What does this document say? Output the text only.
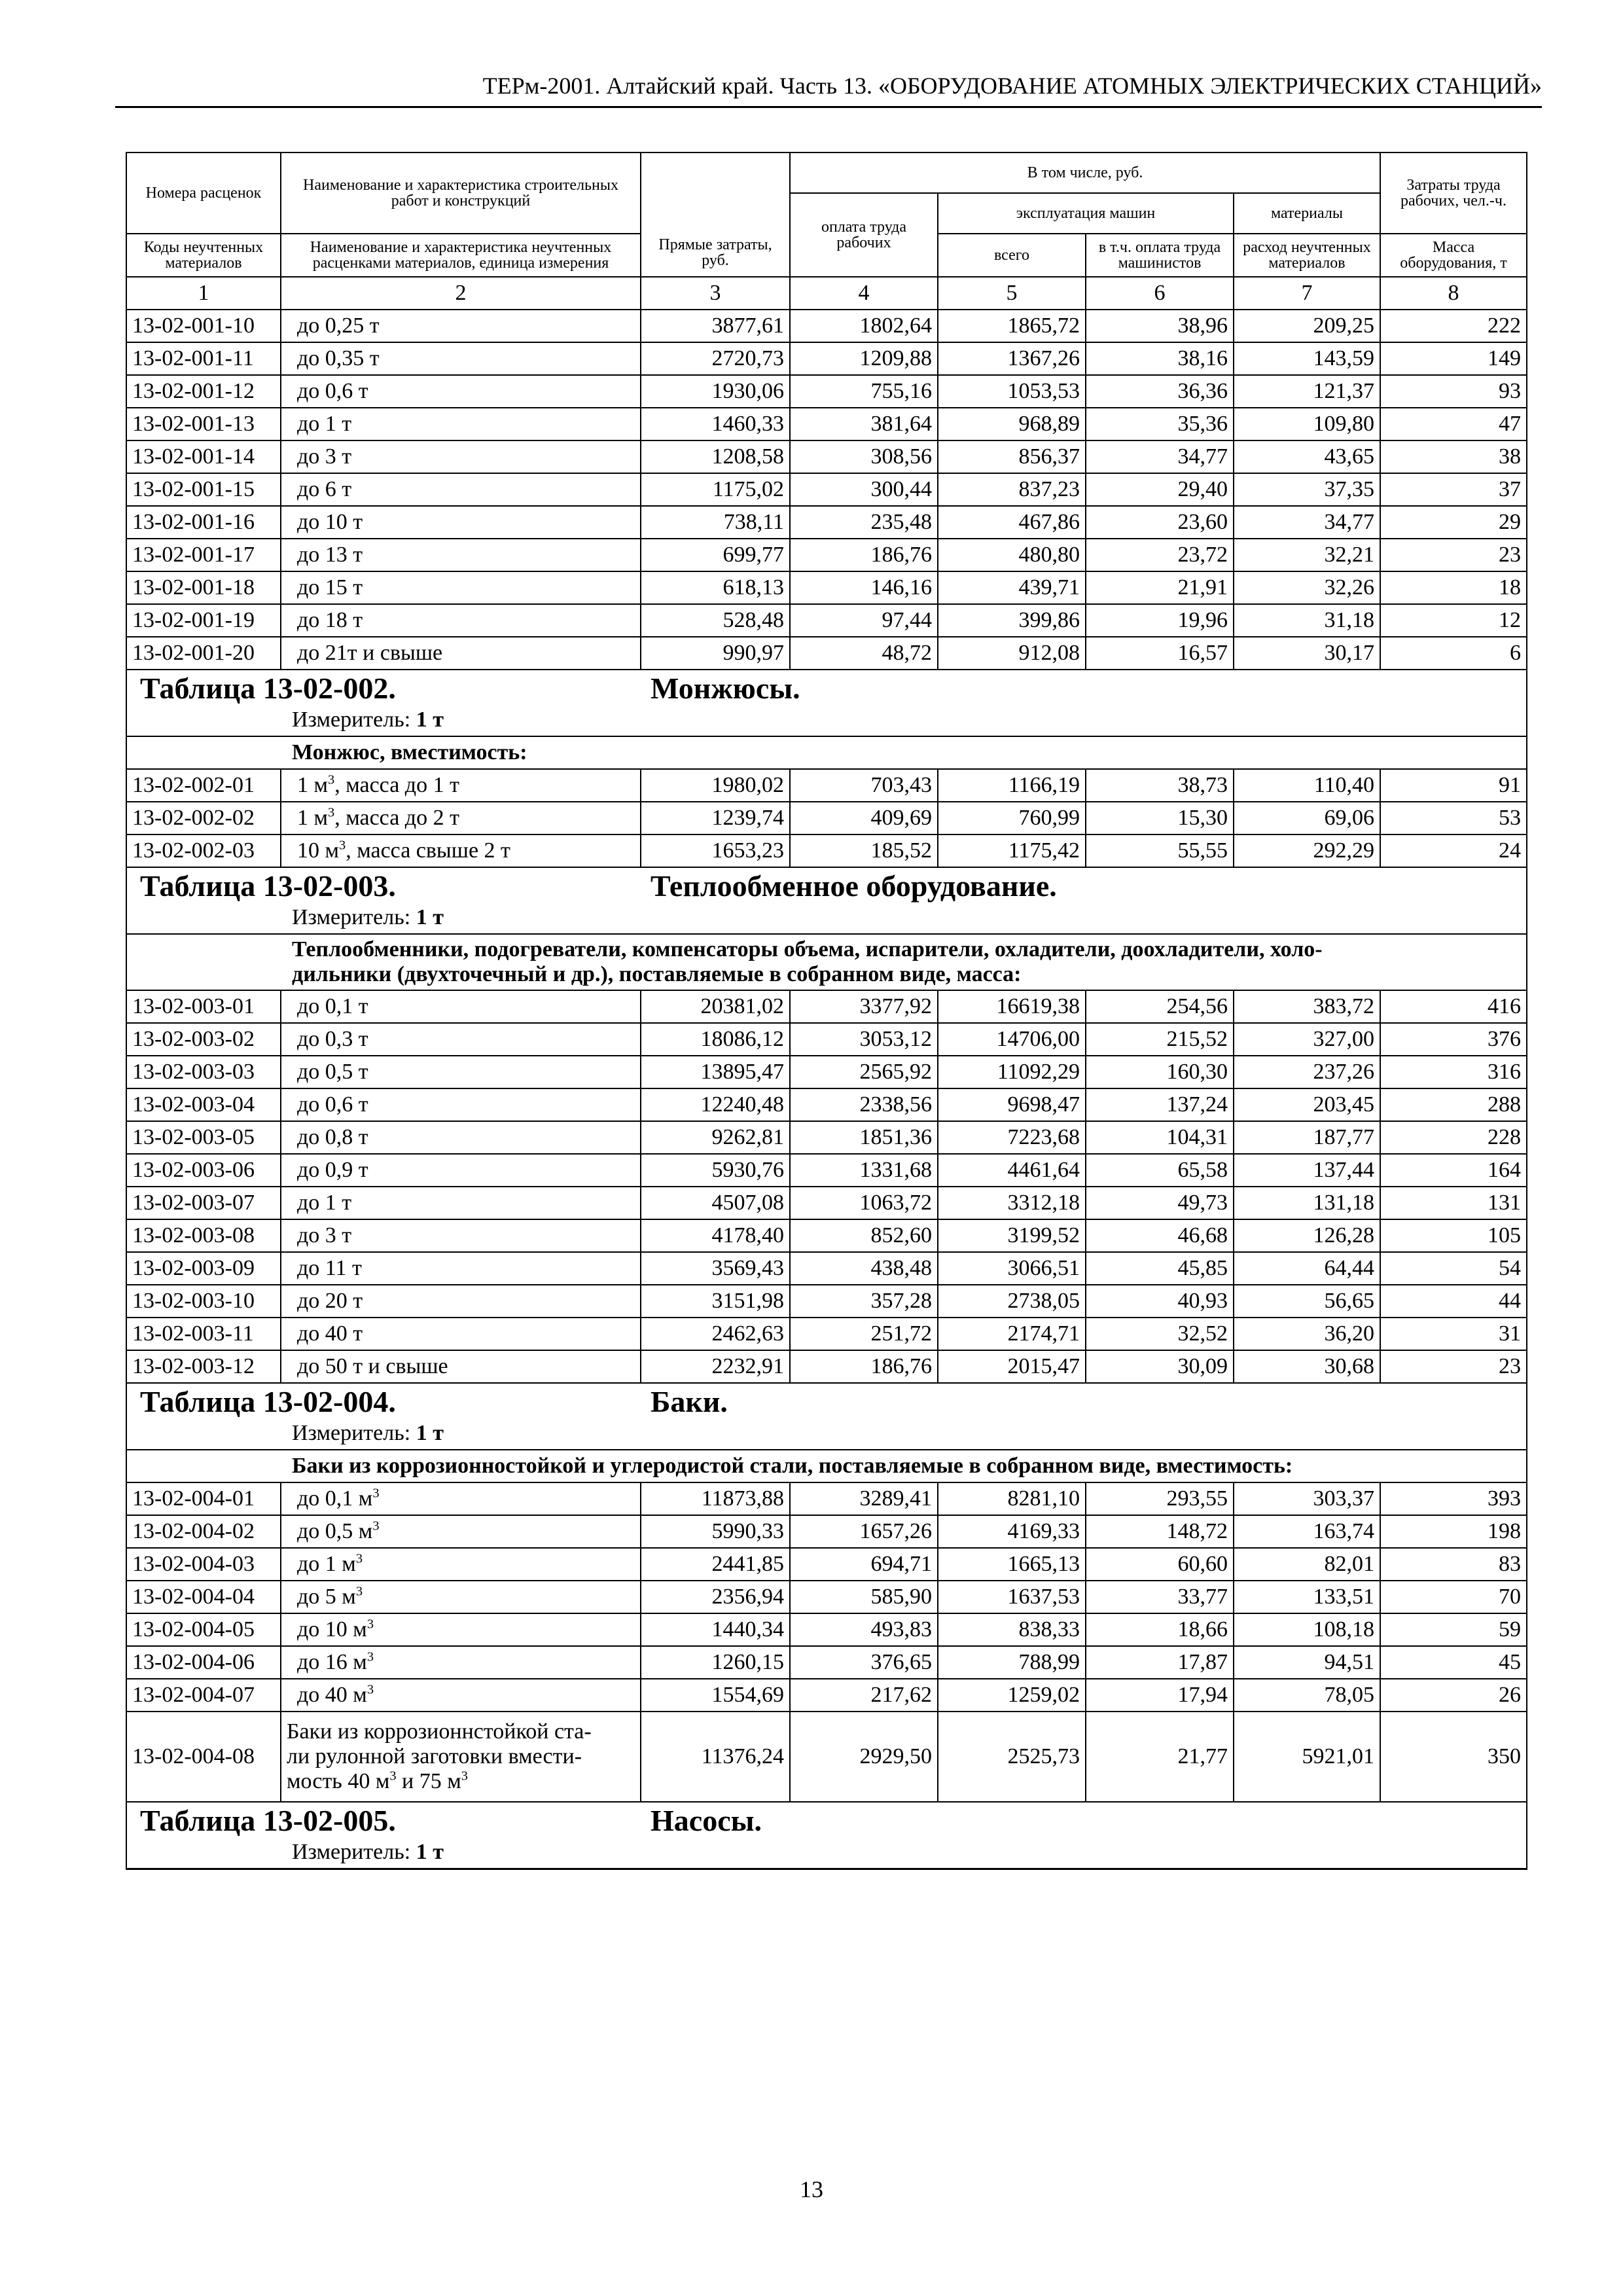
ТЕРм-2001. Алтайский край. Часть 13. «ОБОРУДОВАНИЕ АТОМНЫХ ЭЛЕКТРИЧЕСКИХ СТАНЦИЙ»
Номера расценок	Наименование и характеристика строительных работ и конструкций	Прямые затраты, руб.	В том числе, руб.				Затраты труда рабочих, чел.-ч.
			оплата труда рабочих	эксплуатация машин		материалы	
Коды неучтенных материалов	Наименование и характеристика неучтенных расценками материалов, единица измерения			всего	в т.ч. оплата труда машинистов	расход неучтенных материалов	Масса оборудования, т

1	2	3	4	5	6	7	8
13-02-001-10	до 0,25 т	3877,61	1802,64	1865,72	38,96	209,25	222
13-02-001-11	до 0,35 т	2720,73	1209,88	1367,26	38,16	143,59	149
13-02-001-12	до 0,6 т	1930,06	755,16	1053,53	36,36	121,37	93
13-02-001-13	до 1 т	1460,33	381,64	968,89	35,36	109,80	47
13-02-001-14	до 3 т	1208,58	308,56	856,37	34,77	43,65	38
13-02-001-15	до 6 т	1175,02	300,44	837,23	29,40	37,35	37
13-02-001-16	до 10 т	738,11	235,48	467,86	23,60	34,77	29
13-02-001-17	до 13 т	699,77	186,76	480,80	23,72	32,21	23
13-02-001-18	до 15 т	618,13	146,16	439,71	21,91	32,26	18
13-02-001-19	до 18 т	528,48	97,44	399,86	19,96	31,18	12
13-02-001-20	до 21т и свыше	990,97	48,72	912,08	16,57	30,17	6

Таблица 13-02-002. Монжюсы.
Измеритель: 1 т							

Монжюс, вместимость:							
13-02-002-01	1 $м^3$, масса до 1 т	1980,02	703,43	1166,19	38,73	110,40	91
13-02-002-02	1 $м^3$, масса до 2 т	1239,74	409,69	760,99	15,30	69,06	53
13-02-002-03	10 $м^3$, масса свыше 2 т	1653,23	185,52	1175,42	55,55	292,29	24

Таблица 13-02-003. Теплообменное оборудование.
Измеритель: 1 т							

Теплообменники, подогреватели, компенсаторы объема, испарители, охладители, доохладители, холо-
дильники (двухточечный и др.), поставляемые в собранном виде, масса:							

13-02-003-01	до 0,1 т	20381,02	3377,92	16619,38	254,56	383,72	416
13-02-003-02	до 0,3 т	18086,12	3053,12	14706,00	215,52	327,00	376
13-02-003-03	до 0,5 т	13895,47	2565,92	11092,29	160,30	237,26	316
13-02-003-04	до 0,6 т	12240,48	2338,56	9698,47	137,24	203,45	288
13-02-003-05	до 0,8 т	9262,81	1851,36	7223,68	104,31	187,77	228
13-02-003-06	до 0,9 т	5930,76	1331,68	4461,64	65,58	137,44	164
13-02-003-07	до 1 т	4507,08	1063,72	3312,18	49,73	131,18	131
13-02-003-08	до 3 т	4178,40	852,60	3199,52	46,68	126,28	105
13-02-003-09	до 11 т	3569,43	438,48	3066,51	45,85	64,44	54
13-02-003-10	до 20 т	3151,98	357,28	2738,05	40,93	56,65	44
13-02-003-11	до 40 т	2462,63	251,72	2174,71	32,52	36,20	31
13-02-003-12	до 50 т и свыше	2232,91	186,76	2015,47	30,09	30,68	23

Таблица 13-02-004. Баки.
Измеритель: 1 т							

Баки из коррозионностойкой и углеродистой стали, поставляемые в собранном виде, вместимость:							
13-02-004-01	до 0,1 $м^3$	11873,88	3289,41	8281,10	293,55	303,37	393
13-02-004-02	до 0,5 $м^3$	5990,33	1657,26	4169,33	148,72	163,74	198
13-02-004-03	до 1 $м^3$	2441,85	694,71	1665,13	60,60	82,01	83
13-02-004-04	до 5 $м^3$	2356,94	585,90	1637,53	33,77	133,51	70
13-02-004-05	до 10 $м^3$	1440,34	493,83	838,33	18,66	108,18	59
13-02-004-06	до 16 $м^3$	1260,15	376,65	788,99	17,87	94,51	45
13-02-004-07	до 40 $м^3$	1554,69	217,62	1259,02	17,94	78,05	26
13-02-004-08	Баки из коррозионнстойкой ста-
ли рулонной заготовки вмести-
мость 40 $м^3$ и 75 $м^3$	11376,24	2929,50	2525,73	21,77	5921,01	350

Таблица 13-02-005. Насосы.
Измеритель: 1 т							
13
